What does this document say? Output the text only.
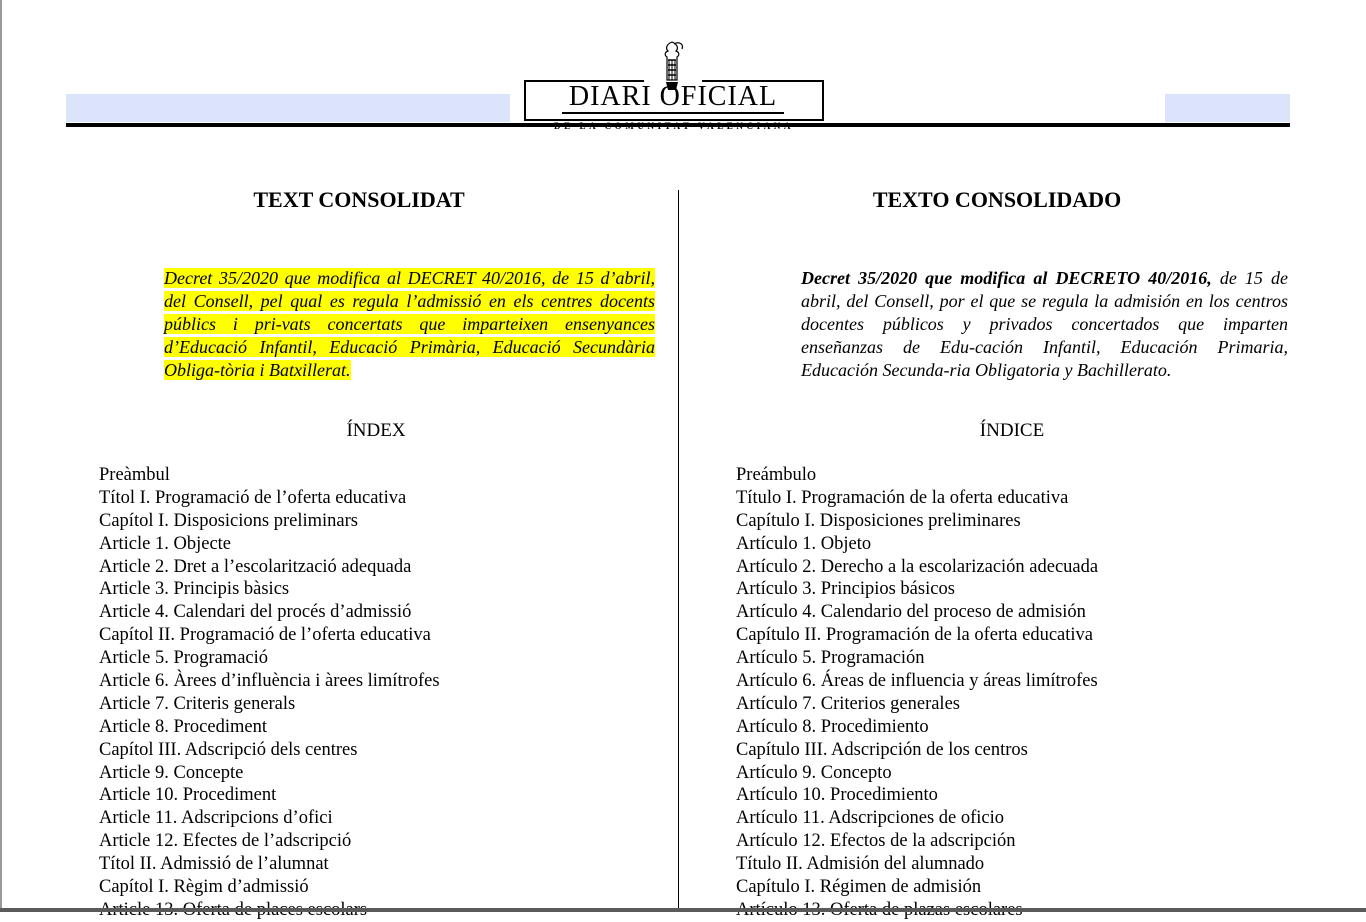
DIARI OFICIAL
DE LA COMUNITAT VALENCIANA
TEXT CONSOLIDAT
Decret 35/2020 que modifica al DECRET 40/2016, de 15 d’abril, del Consell, pel qual es regula l’admissió en els centres docents públics i pri-vats concertats que imparteixen ensenyances d’Educació Infantil, Educació Primària, Educació Secundària Obliga-tòria i Batxillerat.
ÍNDEX
Preàmbul
Títol I. Programació de l’oferta educativa
Capítol I. Disposicions preliminars
Article 1. Objecte
Article 2. Dret a l’escolarització adequada
Article 3. Principis bàsics
Article 4. Calendari del procés d’admissió
Capítol II. Programació de l’oferta educativa
Article 5. Programació
Article 6. Àrees d’influència i àrees limítrofes
Article 7. Criteris generals
Article 8. Procediment
Capítol III. Adscripció dels centres
Article 9. Concepte
Article 10. Procediment
Article 11. Adscripcions d’ofici
Article 12. Efectes de l’adscripció
Títol II. Admissió de l’alumnat
Capítol I. Règim d’admissió
TEXTO CONSOLIDADO
Decret 35/2020 que modifica al DECRETO 40/2016, de 15 de abril, del Consell, por el que se regula la admisión en los centros docentes públicos y privados concertados que imparten enseñanzas de Edu-cación Infantil, Educación Primaria, Educación Secunda-ria Obligatoria y Bachillerato.
ÍNDICE
Preámbulo
Título I. Programación de la oferta educativa
Capítulo I. Disposiciones preliminares
Artículo 1. Objeto
Artículo 2. Derecho a la escolarización adecuada
Artículo 3. Principios básicos
Artículo 4. Calendario del proceso de admisión
Capítulo II. Programación de la oferta educativa
Artículo 5. Programación
Artículo 6. Áreas de influencia y áreas limítrofes
Artículo 7. Criterios generales
Artículo 8. Procedimiento
Capítulo III. Adscripción de los centros
Artículo 9. Concepto
Artículo 10. Procedimiento
Artículo 11. Adscripciones de oficio
Artículo 12. Efectos de la adscripción
Título II. Admisión del alumnado
Capítulo I. Régimen de admisión
